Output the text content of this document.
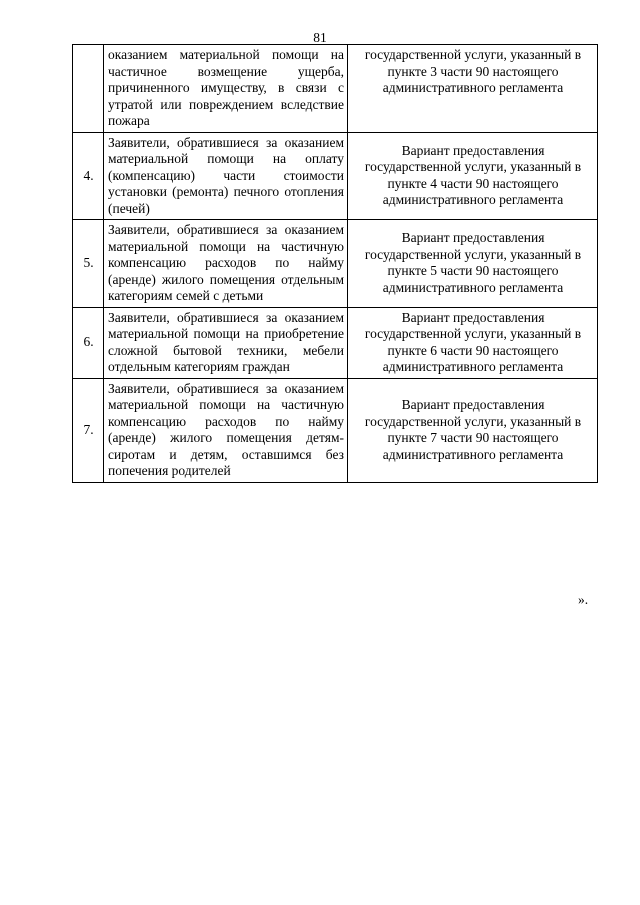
81
	оказанием материальной помощи на частичное возмещение ущерба, причиненного имуществу, в связи с утратой или повреждением вследствие пожара	государственной услуги, указанный в пункте 3 части 90 настоящего административного регламента
4.	Заявители, обратившиеся за оказанием материальной помощи на оплату (компенсацию) части стоимости установки (ремонта) печного отопления (печей)	Вариант предоставления государственной услуги, указанный в пункте 4 части 90 настоящего административного регламента
5.	Заявители, обратившиеся за оказанием материальной помощи на частичную компенсацию расходов по найму (аренде) жилого помещения отдельным категориям семей с детьми	Вариант предоставления государственной услуги, указанный в пункте 5 части 90 настоящего административного регламента
6.	Заявители, обратившиеся за оказанием материальной помощи на приобретение сложной бытовой техники, мебели отдельным категориям граждан	Вариант предоставления государственной услуги, указанный в пункте 6 части 90 настоящего административного регламента
7.	Заявители, обратившиеся за оказанием материальной помощи на частичную компенсацию расходов по найму (аренде) жилого помещения детям-сиротам и детям, оставшимся без попечения родителей	Вариант предоставления государственной услуги, указанный в пункте 7 части 90 настоящего административного регламента
».
